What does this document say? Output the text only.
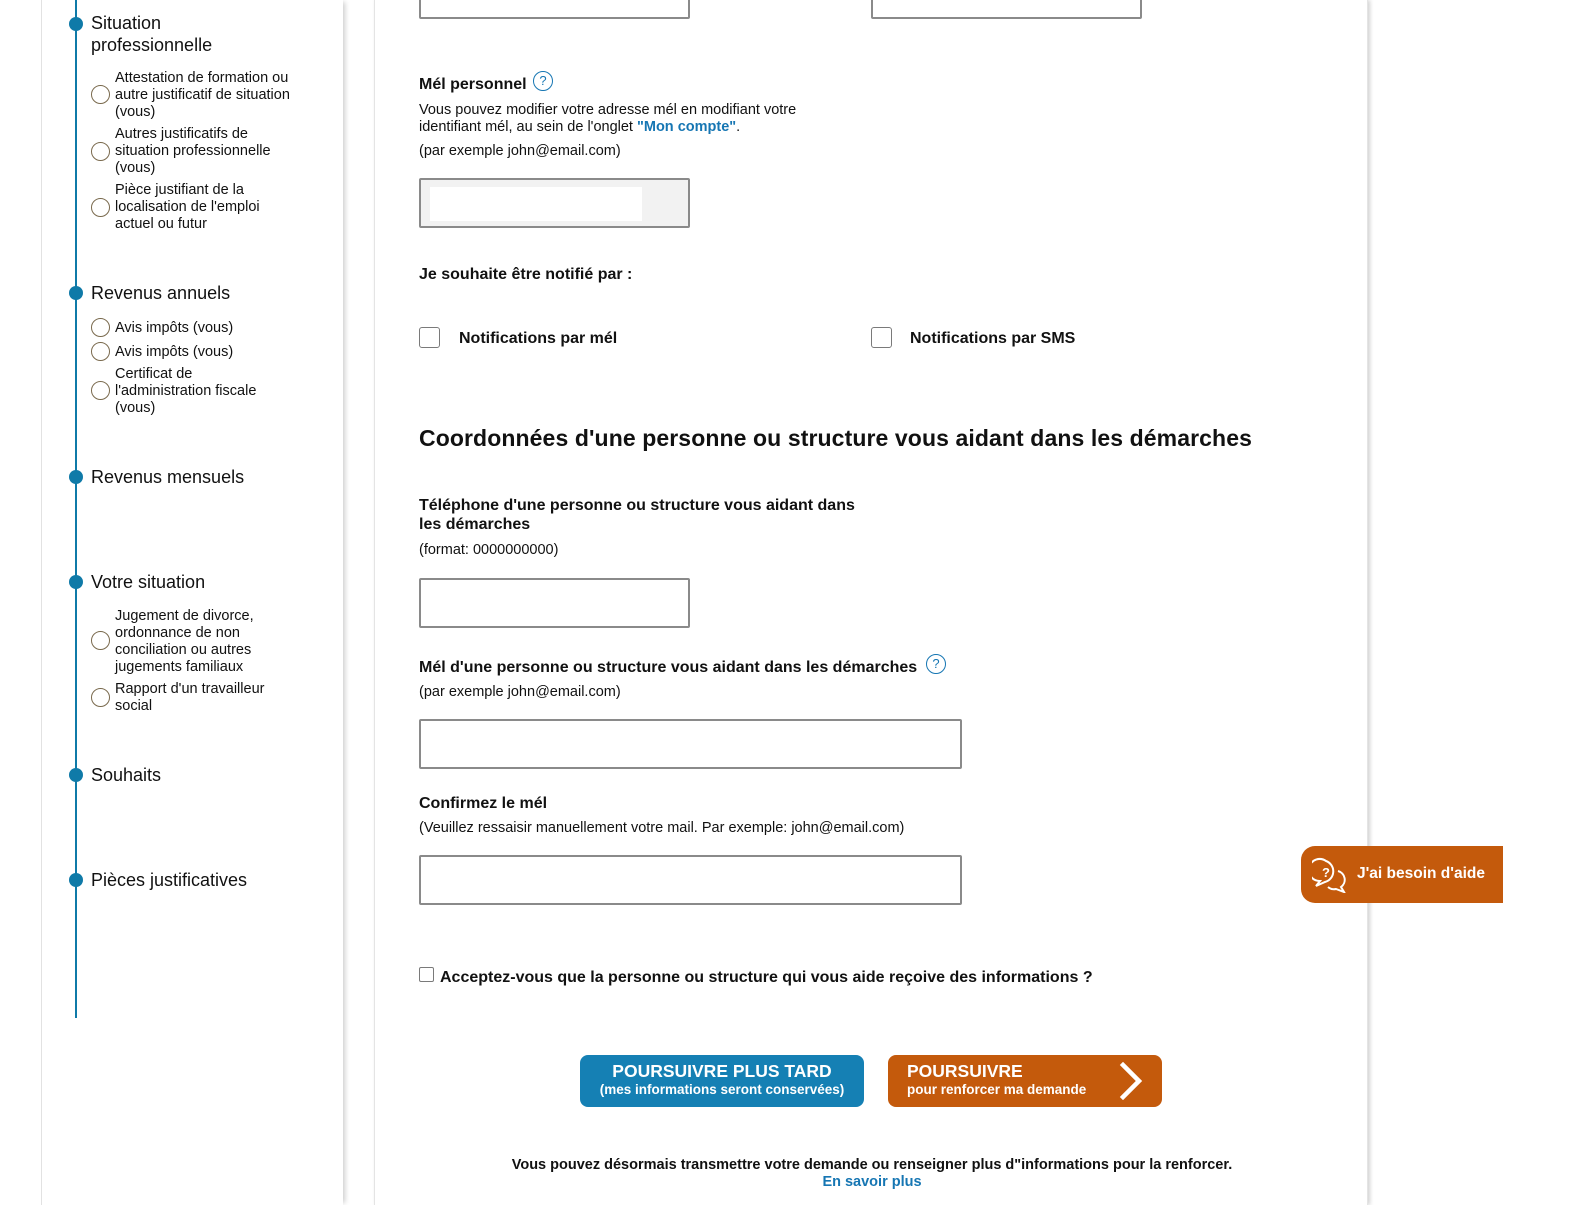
Situation professionnelle
Attestation de formation ou autre justificatif de situation (vous)
Autres justificatifs de situation professionnelle (vous)
Pièce justifiant de la localisation de l'emploi actuel ou futur
Revenus annuels
Avis impôts (vous)
Avis impôts (vous)
Certificat de l'administration fiscale (vous)
Revenus mensuels
Votre situation
Jugement de divorce, ordonnance de non conciliation ou autres jugements familiaux
Rapport d'un travailleur social
Souhaits
Pièces justificatives
Mél personnel ?
Vous pouvez modifier votre adresse mél en modifiant votre identifiant mél, au sein de l'onglet "Mon compte".
(par exemple john@email.com)
Je souhaite être notifié par :
Notifications par mél	Notifications par SMS
Coordonnées d'une personne ou structure vous aidant dans les démarches
Téléphone d'une personne ou structure vous aidant dans les démarches
(format: 0000000000)
Mél d'une personne ou structure vous aidant dans les démarches	?
(par exemple john@email.com)
Confirmez le mél
(Veuillez ressaisir manuellement votre mail. Par exemple: john@email.com)
Acceptez-vous que la personne ou structure qui vous aide reçoive des informations ?
POURSUIVRE PLUS TARD
(mes informations seront conservées)
POURSUIVRE
pour renforcer ma demande
Vous pouvez désormais transmettre votre demande ou renseigner plus d"informations pour la renforcer.
En savoir plus
? J'ai besoin d'aide
